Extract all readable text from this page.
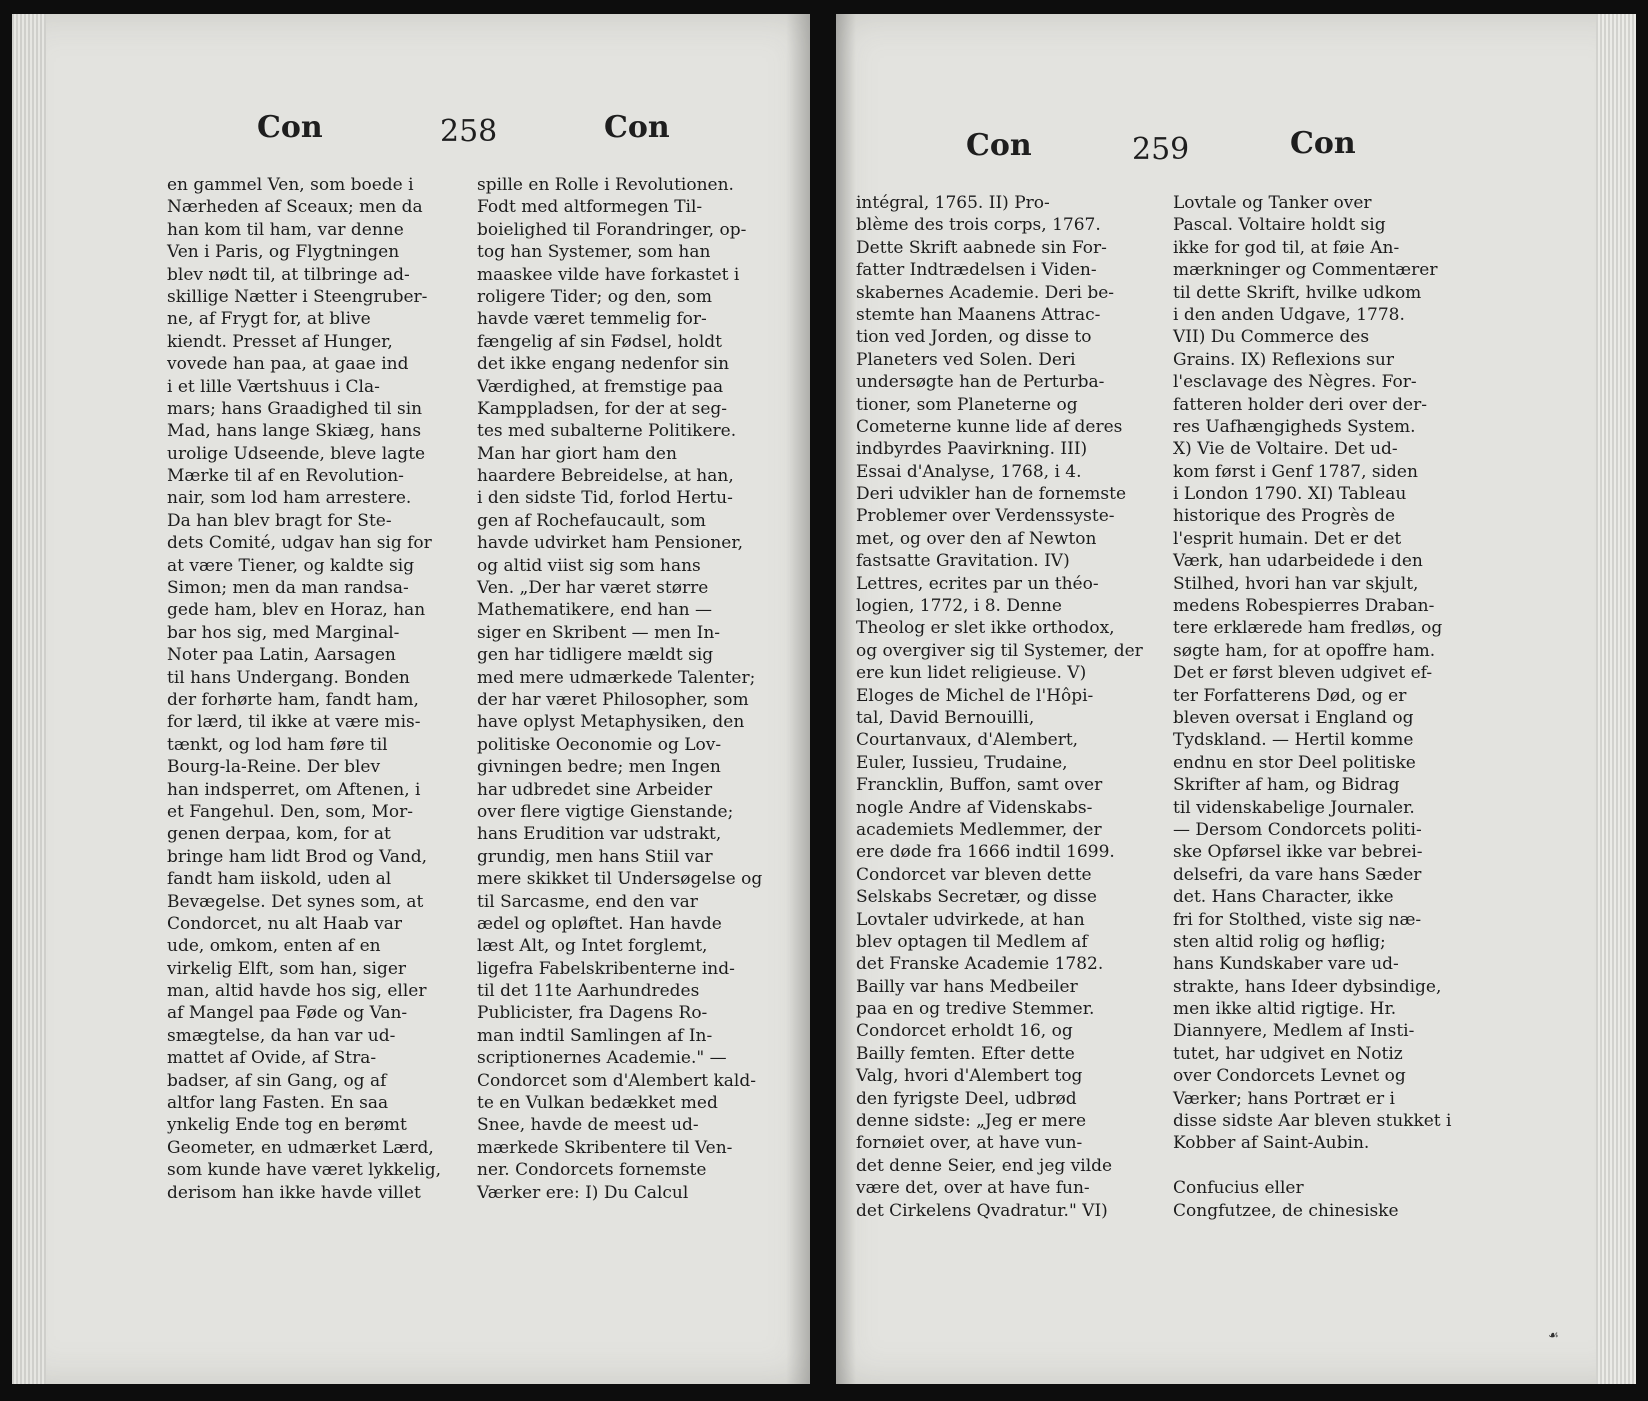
Con	258	Con
en gammel Ven, som boede i
Nærheden af Sceaux; men da
han kom til ham, var denne
Ven i Paris, og Flygtningen
blev nødt til, at tilbringe ad-
skillige Nætter i Steengruber-
ne, af Frygt for, at blive
kiendt. Presset af Hunger,
vovede han paa, at gaae ind
i et lille Værtshuus i Cla-
mars; hans Graadighed til sin
Mad, hans lange Skiæg, hans
urolige Udseende, bleve lagte
Mærke til af en Revolution-
nair, som lod ham arrestere.
Da han blev bragt for Ste-
dets Comité, udgav han sig for
at være Tiener, og kaldte sig
Simon; men da man randsa-
gede ham, blev en Horaz, han
bar hos sig, med Marginal-
Noter paa Latin, Aarsagen
til hans Undergang. Bonden
der forhørte ham, fandt ham,
for lærd, til ikke at være mis-
tænkt, og lod ham føre til
Bourg-la-Reine. Der blev
han indsperret, om Aftenen, i
et Fangehul. Den, som, Mor-
genen derpaa, kom, for at
bringe ham lidt Brod og Vand,
fandt ham iiskold, uden al
Bevægelse. Det synes som, at
Condorcet, nu alt Haab var
ude, omkom, enten af en
virkelig Elft, som han, siger
man, altid havde hos sig, eller
af Mangel paa Føde og Van-
smægtelse, da han var ud-
mattet af Ovide, af Stra-
badser, af sin Gang, og af
altfor lang Fasten. En saa
ynkelig Ende tog en berømt
Geometer, en udmærket Lærd,
som kunde have været lykkelig,
derisom han ikke havde villet
spille en Rolle i Revolutionen.
Fodt med altformegen Til-
boielighed til Forandringer, op-
tog han Systemer, som han
maaskee vilde have forkastet i
roligere Tider; og den, som
havde været temmelig for-
fængelig af sin Fødsel, holdt
det ikke engang nedenfor sin
Værdighed, at fremstige paa
Kamppladsen, for der at seg-
tes med subalterne Politikere.
Man har giort ham den
haardere Bebreidelse, at han,
i den sidste Tid, forlod Hertu-
gen af Rochefaucault, som
havde udvirket ham Pensioner,
og altid viist sig som hans
Ven. „Der har været større
Mathematikere, end han —
siger en Skribent — men In-
gen har tidligere mældt sig
med mere udmærkede Talenter;
der har været Philosopher, som
have oplyst Metaphysiken, den
politiske Oeconomie og Lov-
givningen bedre; men Ingen
har udbredet sine Arbeider
over flere vigtige Gienstande;
hans Erudition var udstrakt,
grundig, men hans Stiil var
mere skikket til Undersøgelse og
til Sarcasme, end den var
ædel og opløftet. Han havde
læst Alt, og Intet forglemt,
ligefra Fabelskribenterne ind-
til det 11te Aarhundredes
Publicister, fra Dagens Ro-
man indtil Samlingen af In-
scriptionernes Academie." —
Condorcet som d'Alembert kald-
te en Vulkan bedækket med
Snee, havde de meest ud-
mærkede Skribentere til Ven-
ner. Condorcets fornemste
Værker ere: I) Du Calcul
Con	259	Con
intégral, 1765. II) Pro-
blème des trois corps, 1767.
Dette Skrift aabnede sin For-
fatter Indtrædelsen i Viden-
skabernes Academie. Deri be-
stemte han Maanens Attrac-
tion ved Jorden, og disse to
Planeters ved Solen. Deri
undersøgte han de Perturba-
tioner, som Planeterne og
Cometerne kunne lide af deres
indbyrdes Paavirkning. III)
Essai d'Analyse, 1768, i 4.
Deri udvikler han de fornemste
Problemer over Verdenssyste-
met, og over den af Newton
fastsatte Gravitation. IV)
Lettres, ecrites par un théo-
logien, 1772, i 8. Denne
Theolog er slet ikke orthodox,
og overgiver sig til Systemer, der
ere kun lidet religieuse. V)
Eloges de Michel de l'Hôpi-
tal, David Bernouilli,
Courtanvaux, d'Alembert,
Euler, Iussieu, Trudaine,
Francklin, Buffon, samt over
nogle Andre af Videnskabs-
academiets Medlemmer, der
ere døde fra 1666 indtil 1699.
Condorcet var bleven dette
Selskabs Secretær, og disse
Lovtaler udvirkede, at han
blev optagen til Medlem af
det Franske Academie 1782.
Bailly var hans Medbeiler
paa en og tredive Stemmer.
Condorcet erholdt 16, og
Bailly femten. Efter dette
Valg, hvori d'Alembert tog
den fyrigste Deel, udbrød
denne sidste: „Jeg er mere
fornøiet over, at have vun-
det denne Seier, end jeg vilde
være det, over at have fun-
det Cirkelens Qvadratur." VI)
Lovtale og Tanker over
Pascal. Voltaire holdt sig
ikke for god til, at føie An-
mærkninger og Commentærer
til dette Skrift, hvilke udkom
i den anden Udgave, 1778.
VII) Du Commerce des
Grains. IX) Reflexions sur
l'esclavage des Nègres. For-
fatteren holder deri over der-
res Uafhængigheds System.
X) Vie de Voltaire. Det ud-
kom først i Genf 1787, siden
i London 1790. XI) Tableau
historique des Progrès de
l'esprit humain. Det er det
Værk, han udarbeidede i den
Stilhed, hvori han var skjult,
medens Robespierres Draban-
tere erklærede ham fredløs, og
søgte ham, for at opoffre ham.
Det er først bleven udgivet ef-
ter Forfatterens Død, og er
bleven oversat i England og
Tydskland. — Hertil komme
endnu en stor Deel politiske
Skrifter af ham, og Bidrag
til videnskabelige Journaler.
— Dersom Condorcets politi-
ske Opførsel ikke var bebrei-
delsefri, da vare hans Sæder
det. Hans Character, ikke
fri for Stolthed, viste sig næ-
sten altid rolig og høflig;
hans Kundskaber vare ud-
strakte, hans Ideer dybsindige,
men ikke altid rigtige. Hr.
Diannyere, Medlem af Insti-
tutet, har udgivet en Notiz
over Condorcets Levnet og
Værker; hans Portræt er i
disse sidste Aar bleven stukket i
Kobber af Saint-Aubin.
Confucius eller
Congfutzee, de chinesiske
☙
